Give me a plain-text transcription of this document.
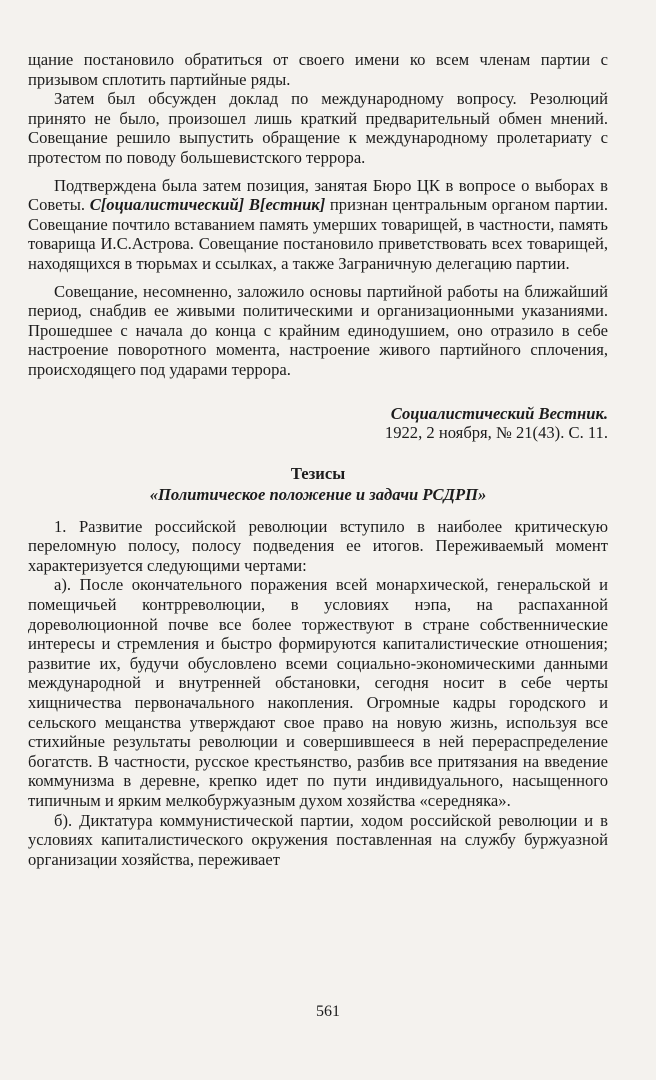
щание постановило обратиться от своего имени ко всем членам партии с призывом сплотить партийные ряды.

Затем был обсужден доклад по международному вопросу. Резолюций принято не было, произошел лишь краткий предварительный обмен мнений. Совещание решило выпустить обращение к международному пролетариату с протестом по поводу большевистского террора.

Подтверждена была затем позиция, занятая Бюро ЦК в вопросе о выборах в Советы. С[оциалистический] В[естник] признан центральным органом партии. Совещание почтило вставанием память умерших товарищей, в частности, память товарища И.С.Астрова. Совещание постановило приветствовать всех товарищей, находящихся в тюрьмах и ссылках, а также Заграничную делегацию партии.

Совещание, несомненно, заложило основы партийной работы на ближайший период, снабдив ее живыми политическими и организационными указаниями. Прошедшее с начала до конца с крайним единодушием, оно отразило в себе настроение поворотного момента, настроение живого партийного сплочения, происходящего под ударами террора.

Социалистический Вестник.
1922, 2 ноября, № 21(43). С. 11.
Тезисы
«Политическое положение и задачи РСДРП»

1. Развитие российской революции вступило в наиболее критическую переломную полосу, полосу подведения ее итогов. Переживаемый момент характеризуется следующими чертами:

а). После окончательного поражения всей монархической, генеральской и помещичьей контрреволюции, в условиях нэпа, на распаханной дореволюционной почве все более торжествуют в стране собственнические интересы и стремления и быстро формируются капиталистические отношения; развитие их, будучи обусловлено всеми социально-экономическими данными международной и внутренней обстановки, сегодня носит в себе черты хищничества первоначального накопления. Огромные кадры городского и сельского мещанства утверждают свое право на новую жизнь, используя все стихийные результаты революции и совершившееся в ней перераспределение богатств. В частности, русское крестьянство, разбив все притязания на введение коммунизма в деревне, крепко идет по пути индивидуального, насыщенного типичным и ярким мелкобуржуазным духом хозяйства «середняка».

б). Диктатура коммунистической партии, ходом российской революции и в условиях капиталистического окружения поставленная на службу буржуазной организации хозяйства, переживает

561
